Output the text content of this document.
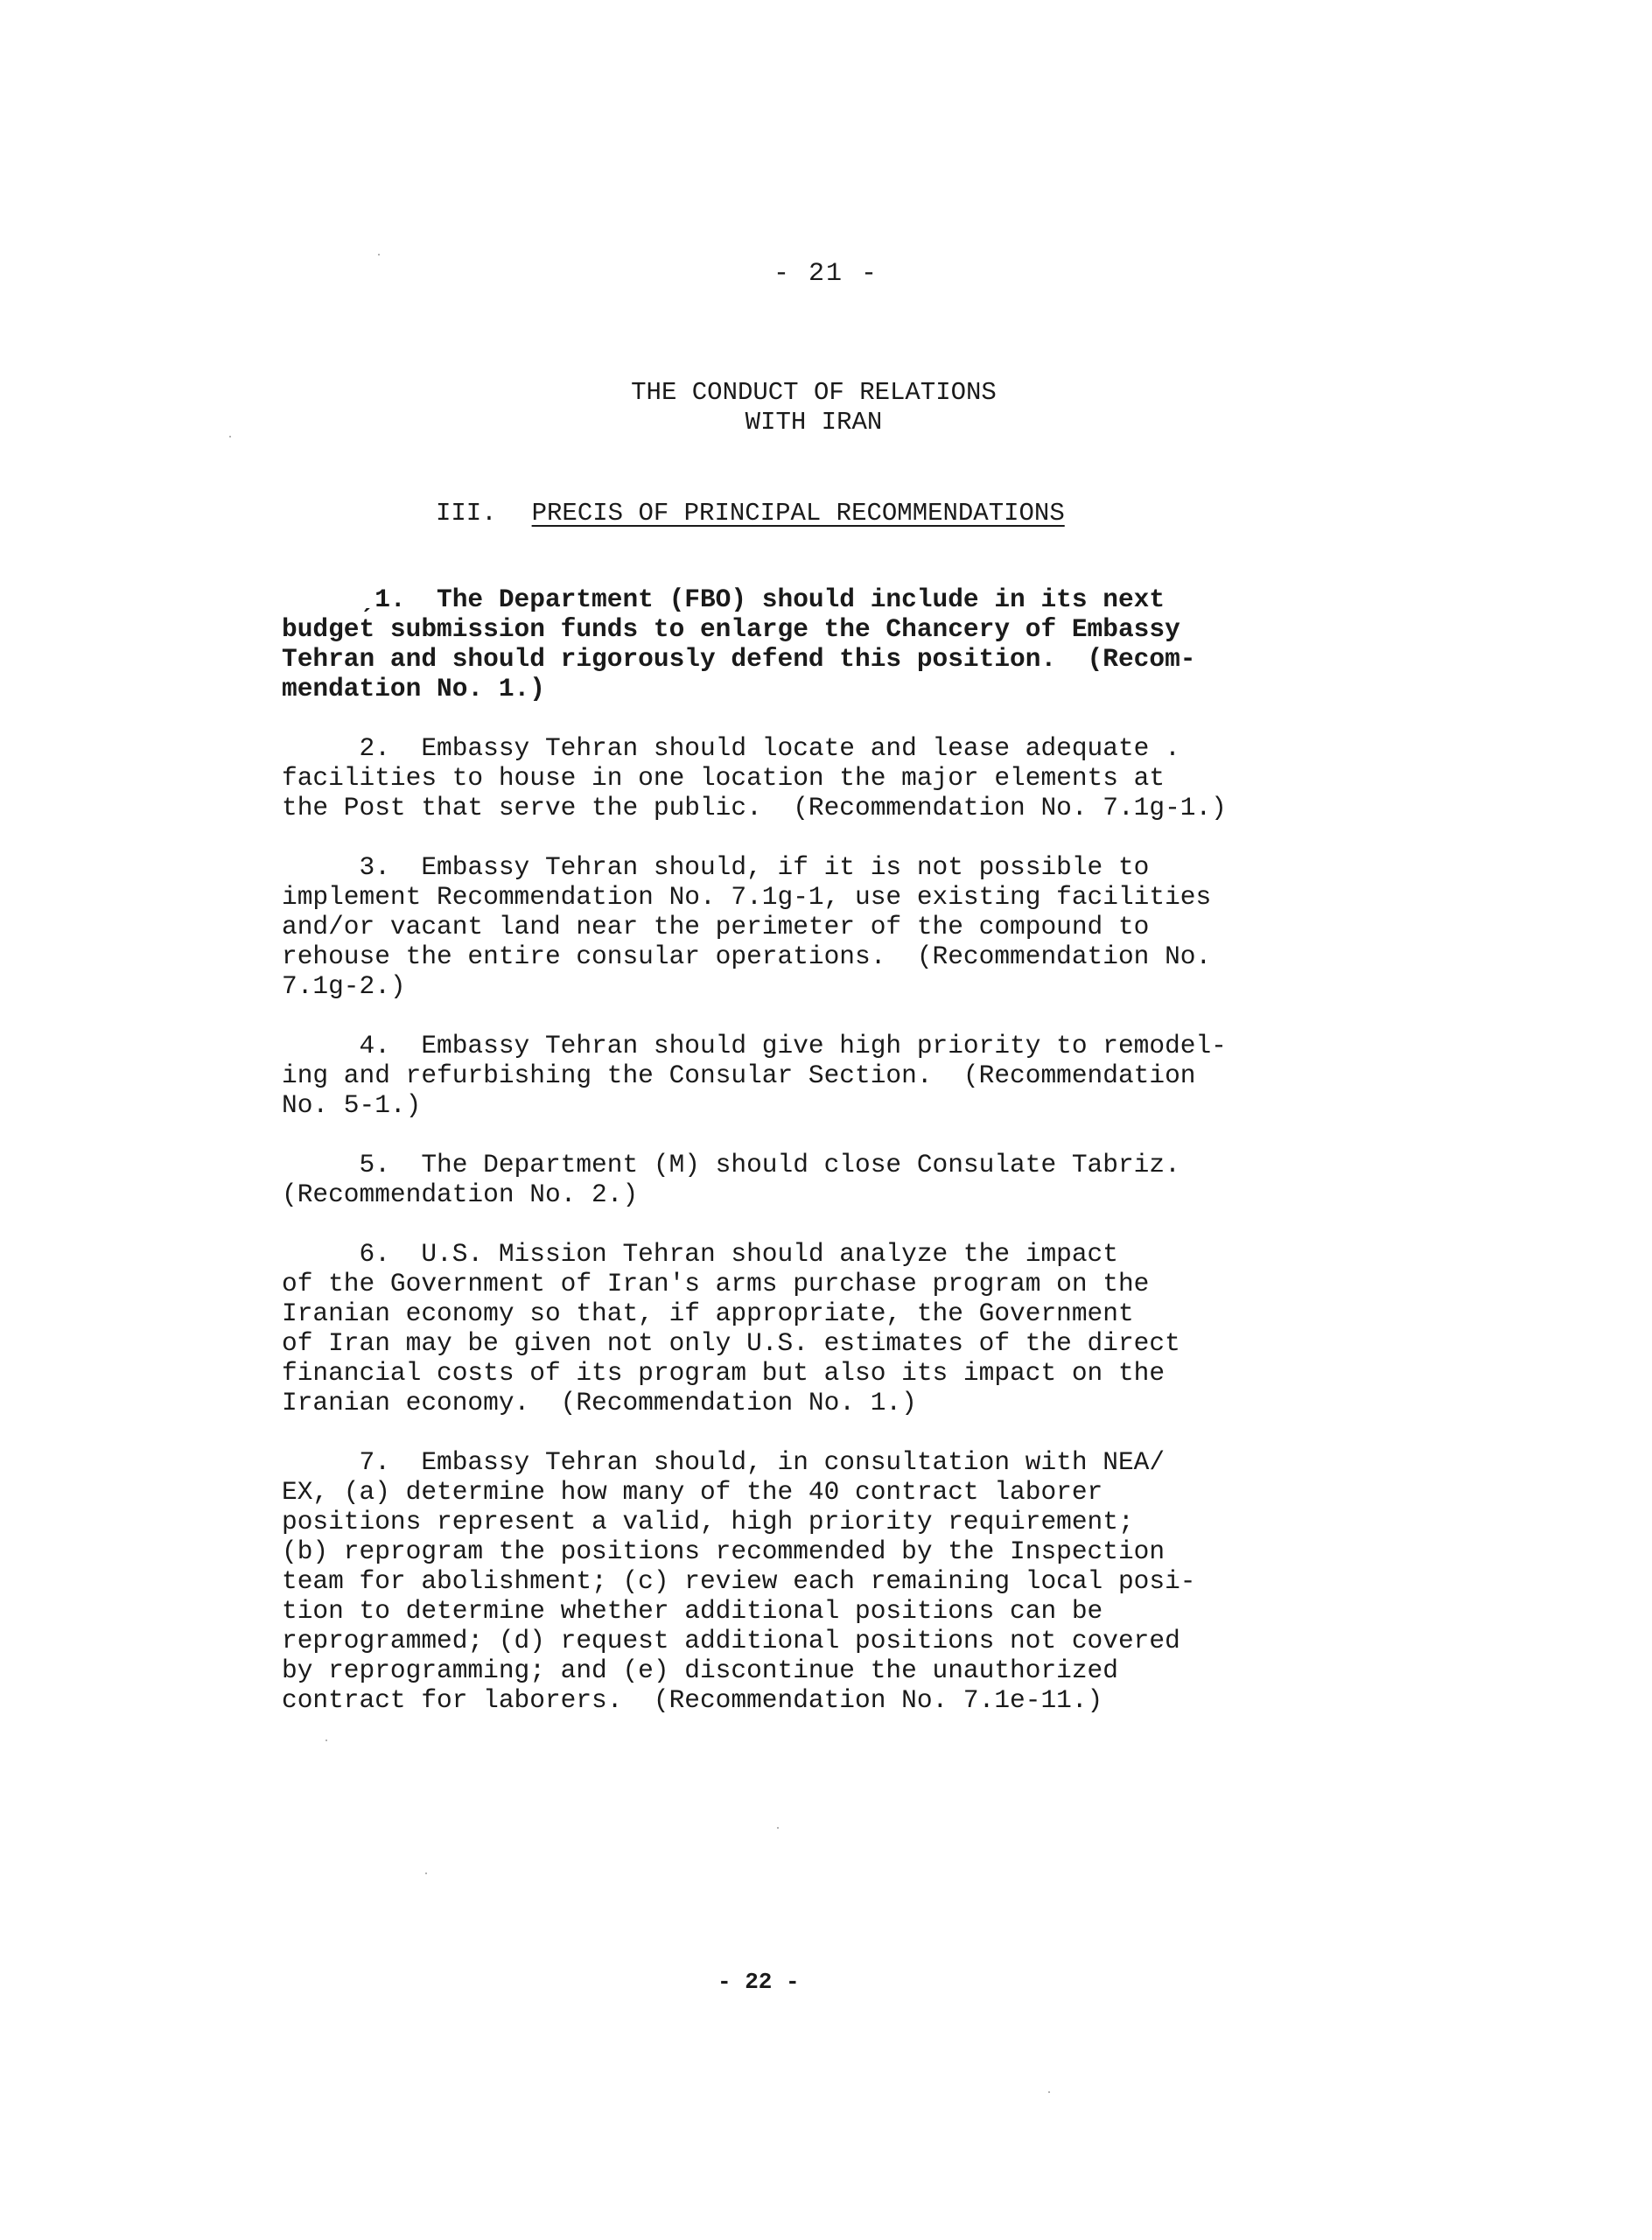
- 21 -
THE CONDUCT OF RELATIONS
WITH IRAN
III. PRECIS OF PRINCIPAL RECOMMENDATIONS
ˏ1.  The Department (FBO) should include in its next
budget submission funds to enlarge the Chancery of Embassy
Tehran and should rigorously defend this position.  (Recom-
mendation No. 1.)
2.  Embassy Tehran should locate and lease adequate .
facilities to house in one location the major elements at
the Post that serve the public.  (Recommendation No. 7.1g-1.)
3.  Embassy Tehran should, if it is not possible to
implement Recommendation No. 7.1g-1, use existing facilities
and/or vacant land near the perimeter of the compound to
rehouse the entire consular operations.  (Recommendation No.
7.1g-2.)
4.  Embassy Tehran should give high priority to remodel-
ing and refurbishing the Consular Section.  (Recommendation
No. 5-1.)
5.  The Department (M) should close Consulate Tabriz.
(Recommendation No. 2.)
6.  U.S. Mission Tehran should analyze the impact
of the Government of Iran's arms purchase program on the
Iranian economy so that, if appropriate, the Government
of Iran may be given not only U.S. estimates of the direct
financial costs of its program but also its impact on the
Iranian economy.  (Recommendation No. 1.)
7.  Embassy Tehran should, in consultation with NEA/
EX, (a) determine how many of the 40 contract laborer
positions represent a valid, high priority requirement;
(b) reprogram the positions recommended by the Inspection
team for abolishment; (c) review each remaining local posi-
tion to determine whether additional positions can be
reprogrammed; (d) request additional positions not covered
by reprogramming; and (e) discontinue the unauthorized
contract for laborers.  (Recommendation No. 7.1e-11.)
- 22 -
